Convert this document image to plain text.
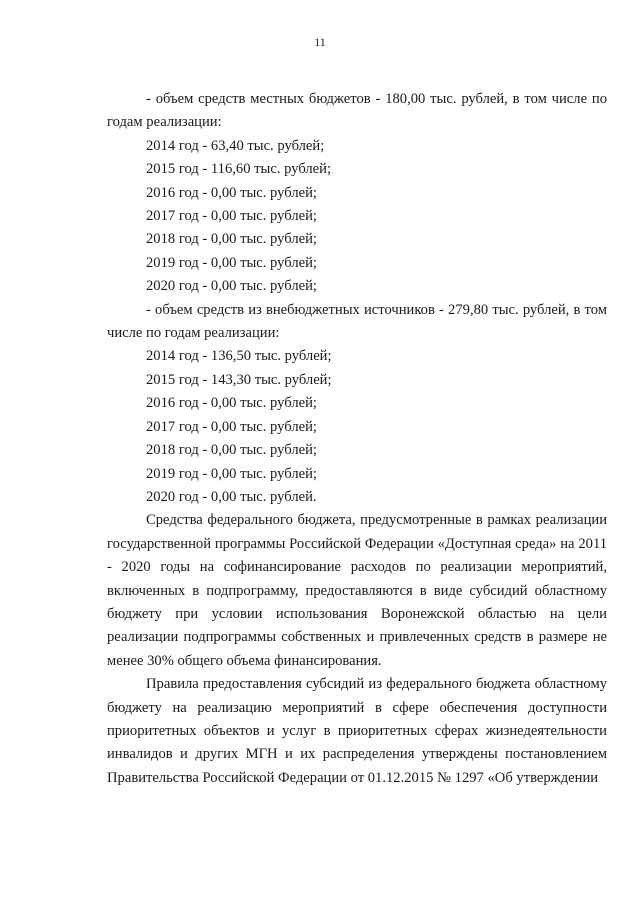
11

- объем средств местных бюджетов - 180,00 тыс. рублей, в том числе по годам реализации:

2014 год - 63,40 тыс. рублей;

2015 год - 116,60 тыс. рублей;

2016 год - 0,00 тыс. рублей;

2017 год - 0,00 тыс. рублей;

2018 год - 0,00 тыс. рублей;

2019 год - 0,00 тыс. рублей;

2020 год - 0,00 тыс. рублей;

- объем средств из внебюджетных источников - 279,80 тыс. рублей, в том числе по годам реализации:

2014 год - 136,50 тыс. рублей;

2015 год - 143,30 тыс. рублей;

2016 год - 0,00 тыс. рублей;

2017 год - 0,00 тыс. рублей;

2018 год - 0,00 тыс. рублей;

2019 год - 0,00 тыс. рублей;

2020 год - 0,00 тыс. рублей.

Средства федерального бюджета, предусмотренные в рамках реализации государственной программы Российской Федерации «Доступная среда» на 2011 - 2020 годы на софинансирование расходов по реализации мероприятий, включенных в подпрограмму, предоставляются в виде субсидий областному бюджету при условии использования Воронежской областью на цели реализации подпрограммы собственных и привлеченных средств в размере не менее 30% общего объема финансирования.

Правила предоставления субсидий из федерального бюджета областному бюджету на реализацию мероприятий в сфере обеспечения доступности приоритетных объектов и услуг в приоритетных сферах жизнедеятельности инвалидов и других МГН и их распределения утверждены постановлением Правительства Российской Федерации от 01.12.2015 № 1297 «Об утверждении
